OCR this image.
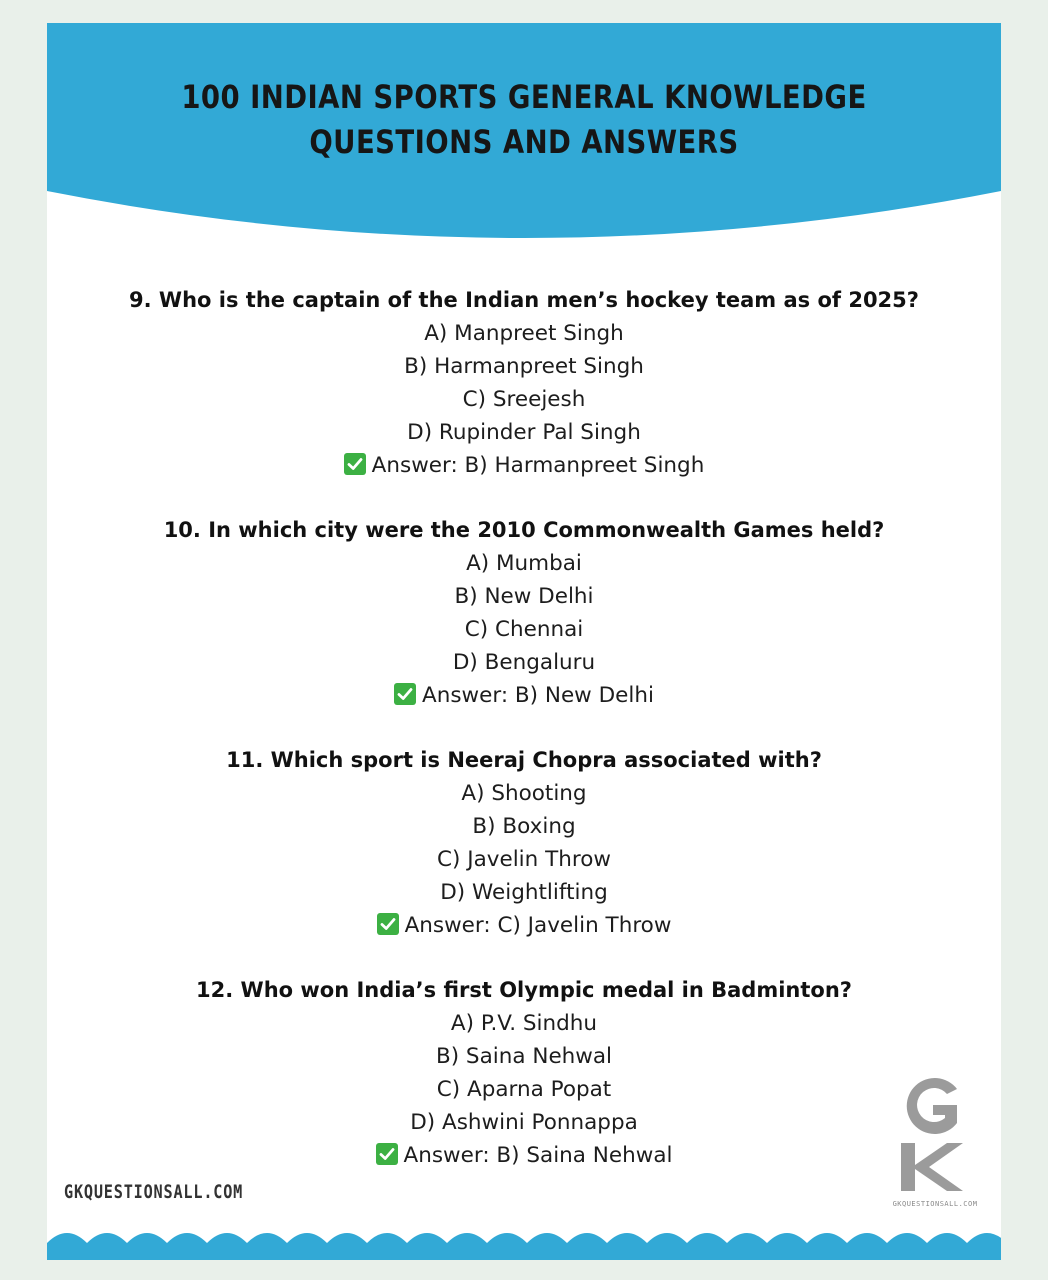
100 INDIAN SPORTS GENERAL KNOWLEDGE
QUESTIONS AND ANSWERS
9. Who is the captain of the Indian men’s hockey team as of 2025?
A) Manpreet Singh
B) Harmanpreet Singh
C) Sreejesh
D) Rupinder Pal Singh
Answer: B) Harmanpreet Singh
10. In which city were the 2010 Commonwealth Games held?
A) Mumbai
B) New Delhi
C) Chennai
D) Bengaluru
Answer: B) New Delhi
11. Which sport is Neeraj Chopra associated with?
A) Shooting
B) Boxing
C) Javelin Throw
D) Weightlifting
Answer: C) Javelin Throw
12. Who won India’s first Olympic medal in Badminton?
A) P.V. Sindhu
B) Saina Nehwal
C) Aparna Popat
D) Ashwini Ponnappa
Answer: B) Saina Nehwal
GKQUESTIONSALL.COM
GKQUESTIONSALL.COM
